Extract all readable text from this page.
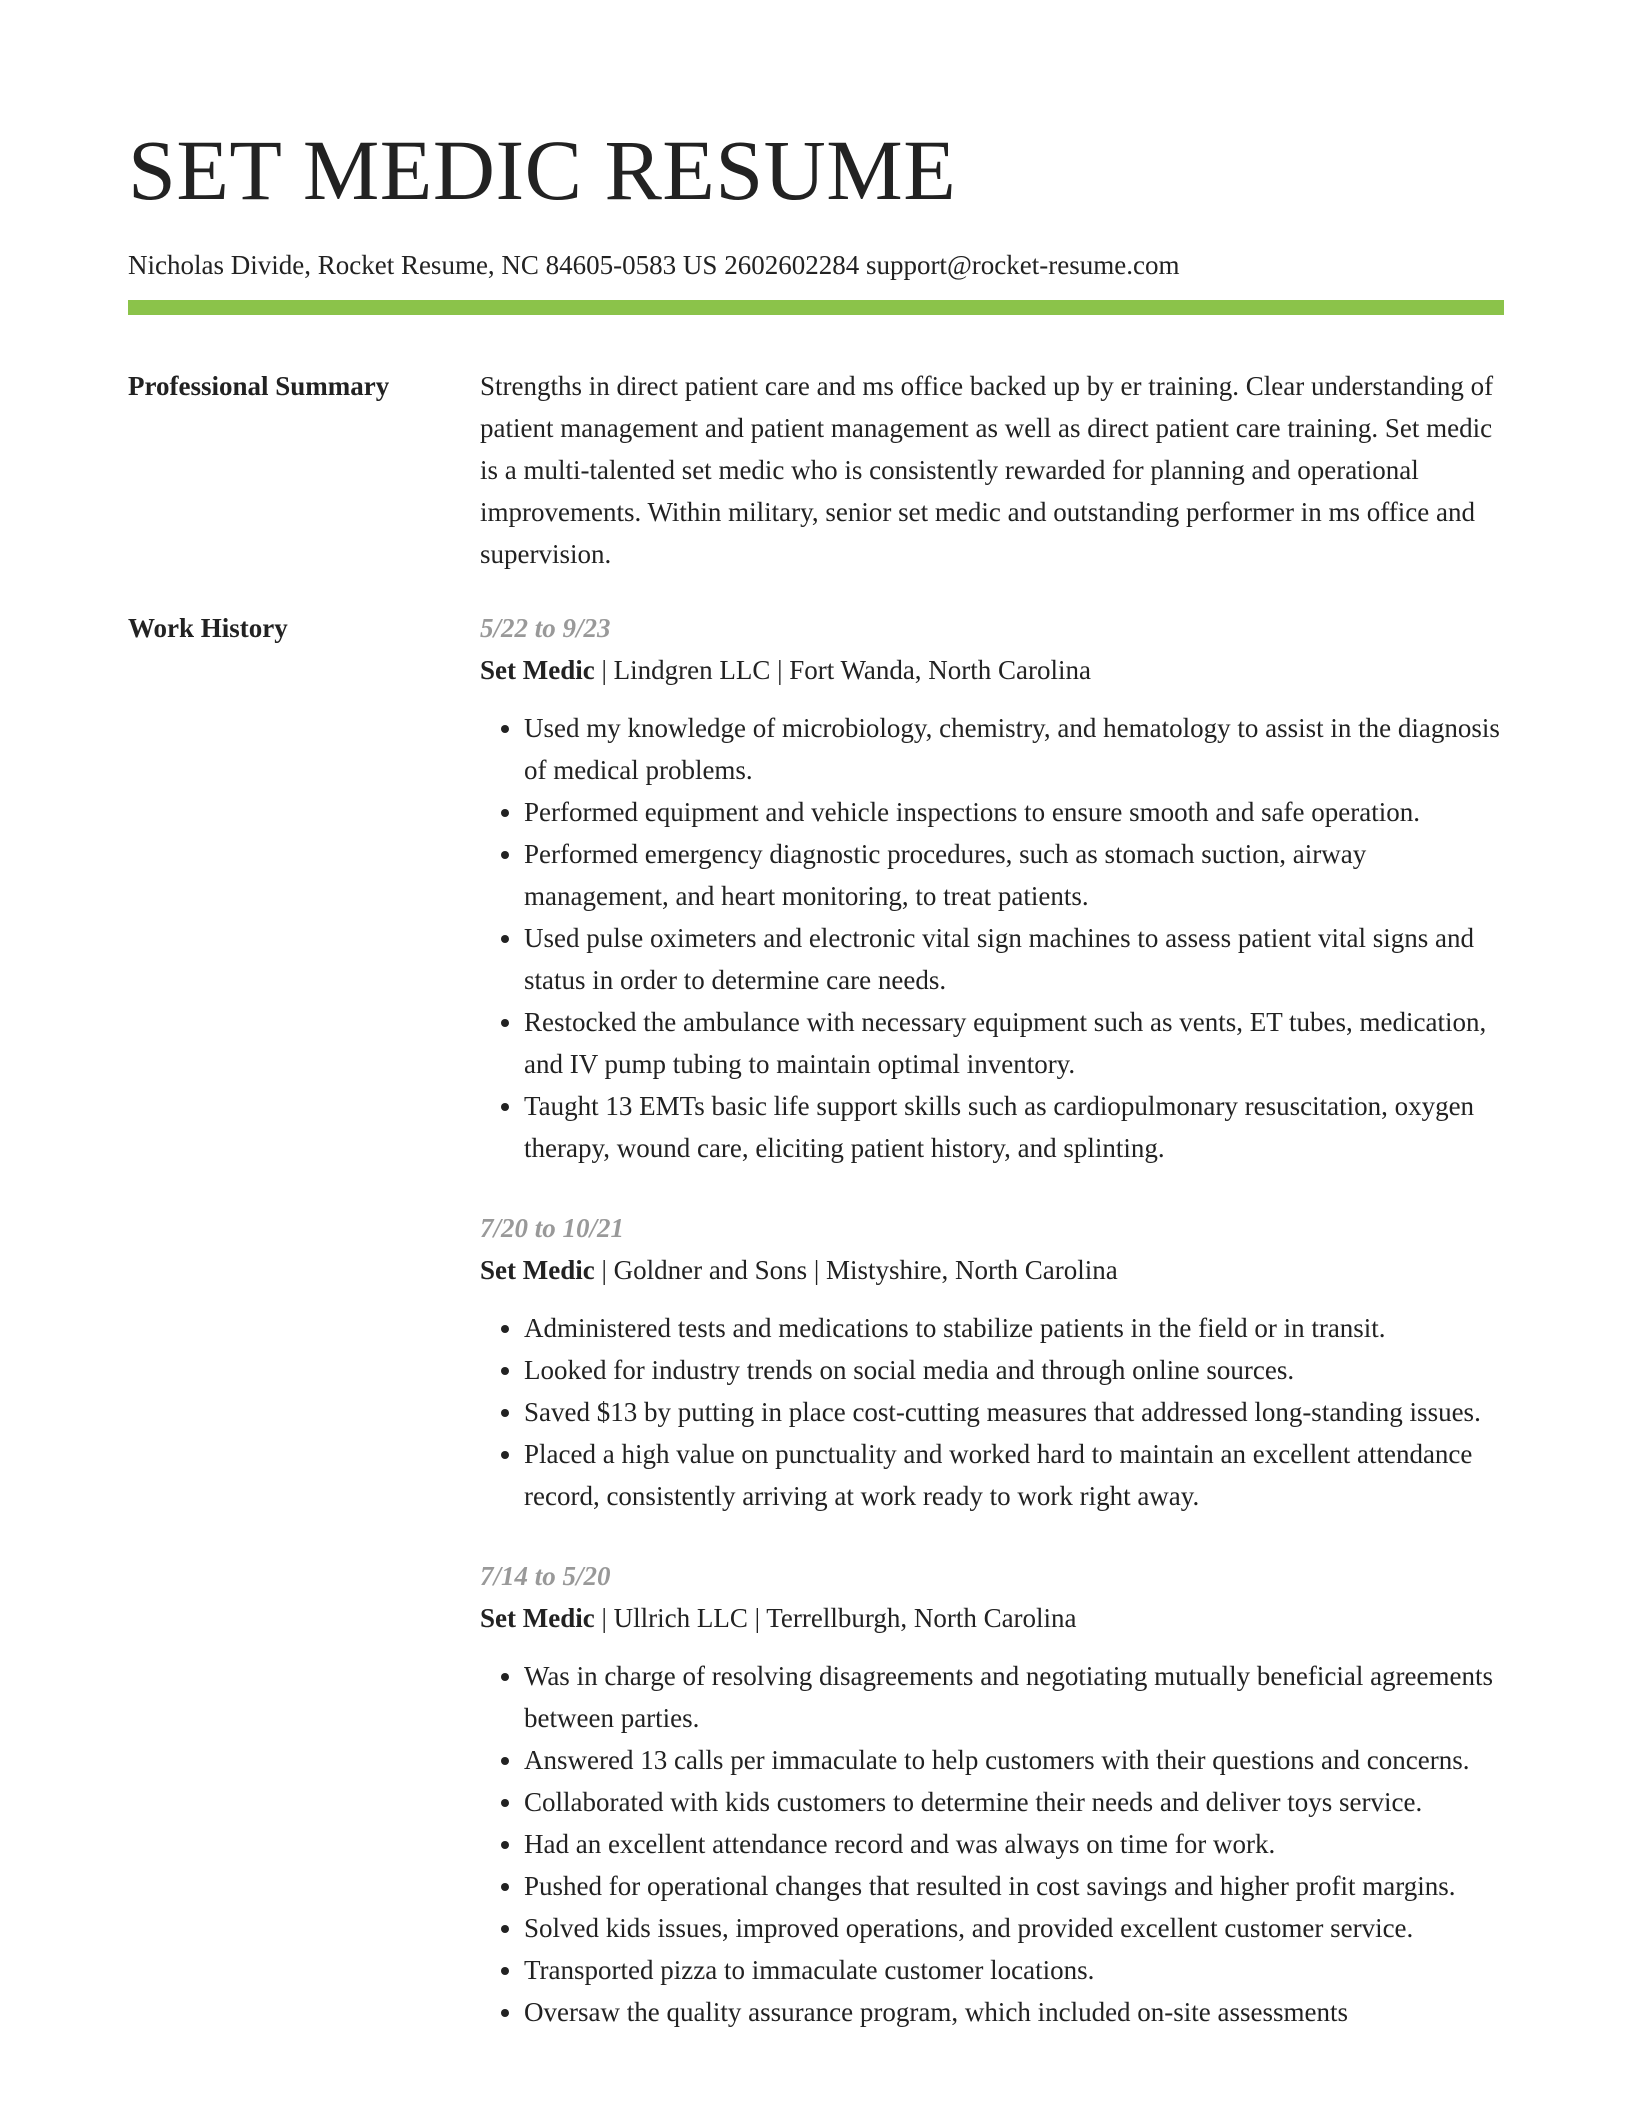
SET MEDIC RESUME
Nicholas Divide, Rocket Resume, NC 84605-0583 US 2602602284 support@rocket-resume.com
Professional Summary	Strengths in direct patient care and ms office backed up by er training. Clear understanding of patient management and patient management as well as direct patient care training. Set medic is a multi-talented set medic who is consistently rewarded for planning and operational improvements. Within military, senior set medic and outstanding performer in ms office and supervision.
Work History	5/22 to 9/23
Set Medic | Lindgren LLC | Fort Wanda, North Carolina
• Used my knowledge of microbiology, chemistry, and hematology to assist in the diagnosis of medical problems.
• Performed equipment and vehicle inspections to ensure smooth and safe operation.
• Performed emergency diagnostic procedures, such as stomach suction, airway management, and heart monitoring, to treat patients.
• Used pulse oximeters and electronic vital sign machines to assess patient vital signs and status in order to determine care needs.
• Restocked the ambulance with necessary equipment such as vents, ET tubes, medication, and IV pump tubing to maintain optimal inventory.
• Taught 13 EMTs basic life support skills such as cardiopulmonary resuscitation, oxygen therapy, wound care, eliciting patient history, and splinting.
7/20 to 10/21
Set Medic | Goldner and Sons | Mistyshire, North Carolina
• Administered tests and medications to stabilize patients in the field or in transit.
• Looked for industry trends on social media and through online sources.
• Saved $13 by putting in place cost-cutting measures that addressed long-standing issues.
• Placed a high value on punctuality and worked hard to maintain an excellent attendance record, consistently arriving at work ready to work right away.
7/14 to 5/20
Set Medic | Ullrich LLC | Terrellburgh, North Carolina
• Was in charge of resolving disagreements and negotiating mutually beneficial agreements between parties.
• Answered 13 calls per immaculate to help customers with their questions and concerns.
• Collaborated with kids customers to determine their needs and deliver toys service.
• Had an excellent attendance record and was always on time for work.
• Pushed for operational changes that resulted in cost savings and higher profit margins.
• Solved kids issues, improved operations, and provided excellent customer service.
• Transported pizza to immaculate customer locations.
• Oversaw the quality assurance program, which included on-site assessments
